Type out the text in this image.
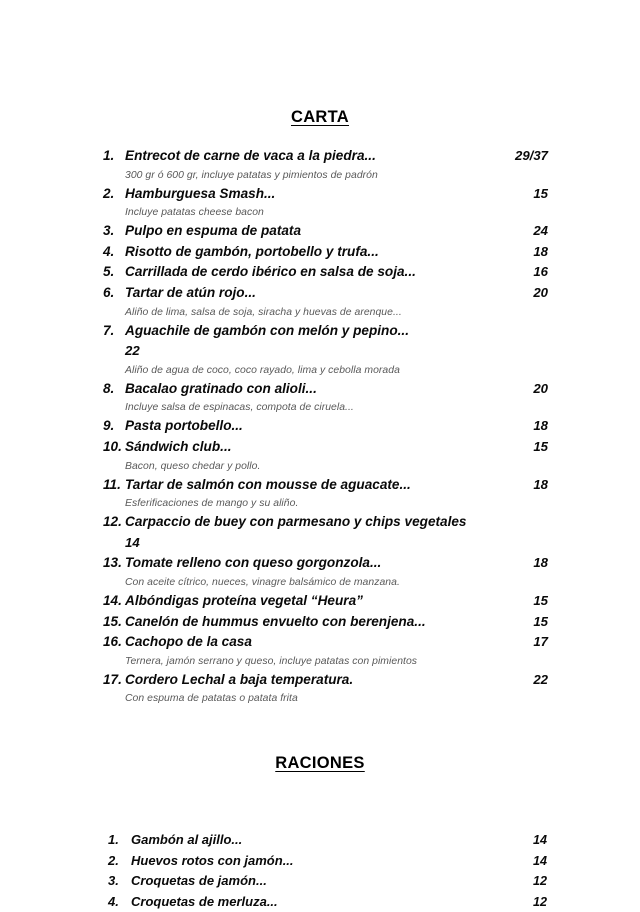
CARTA
1. Entrecot de carne de vaca a la piedra...	29/37
300 gr ó 600 gr, incluye patatas y pimientos de padrón
2. Hamburguesa Smash...	15
Incluye patatas cheese bacon
3. Pulpo en espuma de patata	24
4. Risotto de gambón, portobello y trufa...	18
5. Carrillada de cerdo ibérico en salsa de soja...	16
6. Tartar de atún rojo...	20
Aliño de lima, salsa de soja, siracha y huevas de arenque...
7. Aguachile de gambón con melón y pepino...
22
Aliño de agua de coco, coco rayado, lima y cebolla morada
8. Bacalao gratinado con alioli...	20
Incluye salsa de espinacas, compota de ciruela...
9. Pasta portobello...	18
10. Sándwich club...	15
Bacon, queso chedar y pollo.
11. Tartar de salmón con mousse de aguacate...	18
Esferificaciones de mango y su aliño.
12. Carpaccio de buey con parmesano y chips vegetales
14
13. Tomate relleno con queso gorgonzola...	18
Con aceite cítrico, nueces, vinagre balsámico de manzana.
14. Albóndigas proteína vegetal “Heura”	15
15. Canelón de hummus envuelto con berenjena...	15
16. Cachopo de la casa	17
Ternera, jamón serrano y queso, incluye patatas con pimientos
17. Cordero Lechal a baja temperatura.	22
Con espuma de patatas o patata frita
RACIONES
1. Gambón al ajillo...	14
2. Huevos rotos con jamón...	14
3. Croquetas de jamón...	12
4. Croquetas de merluza...	12
